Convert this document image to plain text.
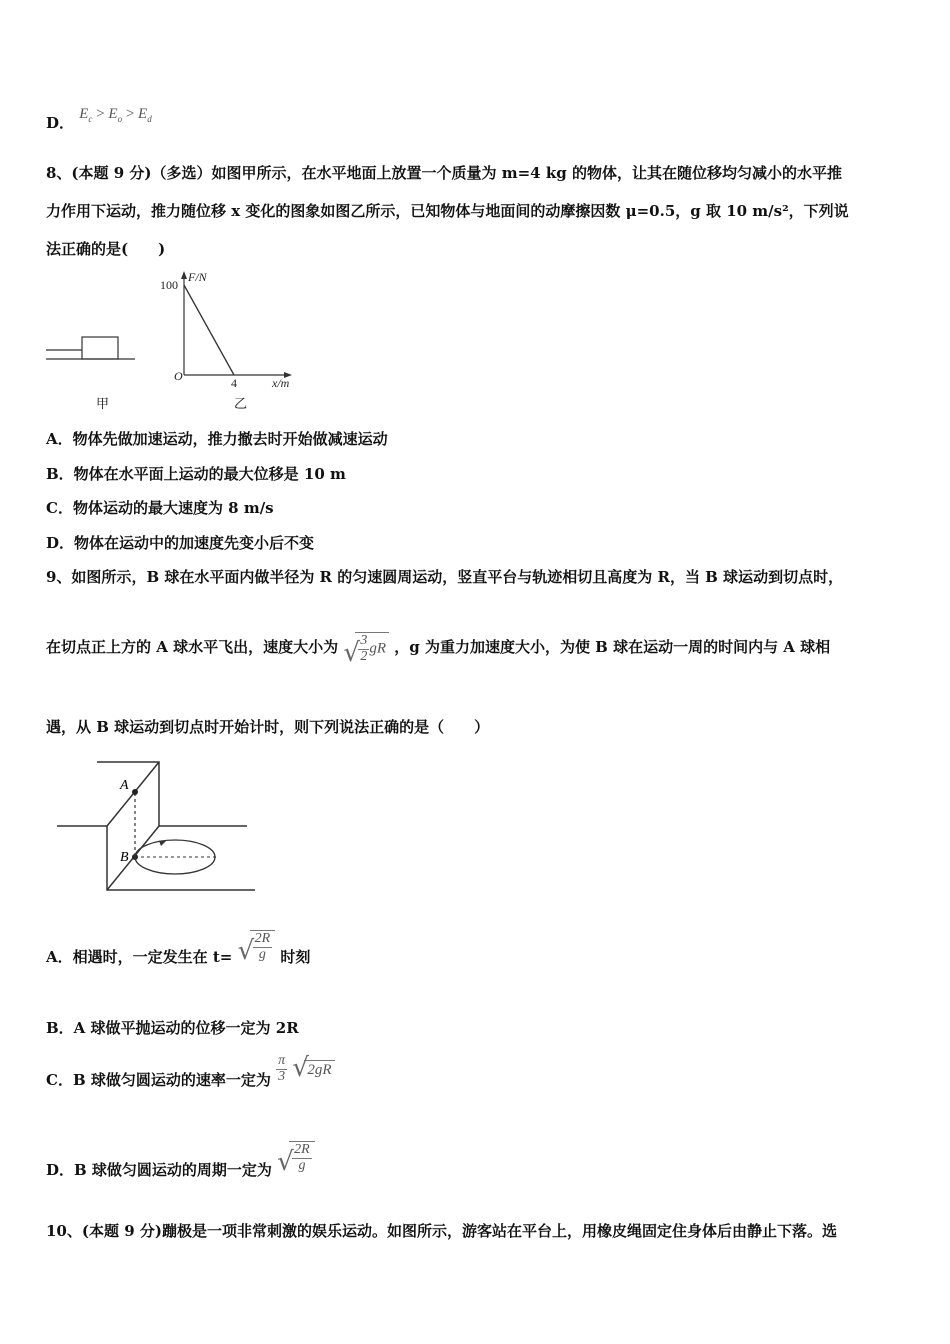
D． $E_c > E_o > E_d$
8、(本题 9 分)（多选）如图甲所示，在水平地面上放置一个质量为 m=4 kg 的物体，让其在随位移均匀减小的水平推
力作用下运动，推力随位移 x 变化的图象如图乙所示，已知物体与地面间的动摩擦因数 μ=0.5，g 取 10 m/s²，下列说
法正确的是(　　)
甲
F/N
x/m
O
100
4
乙
A．物体先做加速运动，推力撤去时开始做减速运动
B．物体在水平面上运动的最大位移是 10 m
C．物体运动的最大速度为 8 m/s
D．物体在运动中的加速度先变小后不变
9、如图所示，B 球在水平面内做半径为 R 的匀速圆周运动，竖直平台与轨迹相切且高度为 R，当 B 球运动到切点时，
在切点正上方的 A 球水平飞出，速度大小为 √
$\frac{3}{2}$ gR ，g 为重力加速度大小，为使 B 球在运动一周的时间内与 A 球相
遇，从 B 球运动到切点时开始计时，则下列说法正确的是（　　）
A
B
A．相遇时，一定发生在 t= √
$\frac{2R}{g}$ 时刻
B．A 球做平抛运动的位移一定为 2R
C．B 球做匀圆运动的速率一定为 $\frac{\pi}{3}$
√
2gR
D．B 球做匀圆运动的周期一定为 √
$\frac{2R}{g}$
10、(本题 9 分)蹦极是一项非常刺激的娱乐运动。如图所示，游客站在平台上，用橡皮绳固定住身体后由静止下落。选
